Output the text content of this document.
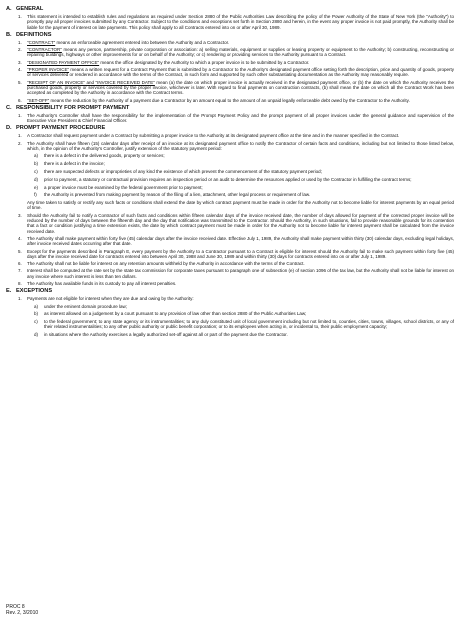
A. GENERAL
1.	This statement is intended to establish rules and regulations as required under Section 2880 of the Public Authorities Law describing the policy of the Power Authority of the State of New York (the "Authority") to promptly pay all proper invoices submitted by any Contractor. Subject to the conditions and exceptions set forth in Section 2880 and herein, in the event any proper invoice is not paid promptly, the Authority shall be liable for the payment of interest on late payments. This policy shall apply to all Contracts entered into on or after April 30, 1989.
B. DEFINITIONS
1.	"CONTRACT" means an enforceable agreement entered into between the Authority and a Contractor.
2.	"CONTRACTOR" means any person, partnership, private corporation or association: a) selling materials, equipment or supplies or leasing property or equipment to the Authority; b) constructing, reconstructing or repairing buildings, highways or other improvements for or on behalf of the Authority; or c) rendering or providing services to the Authority pursuant to a Contract.
3.	"DESIGNATED PAYMENT OFFICE" means the office designated by the Authority to which a proper invoice is to be submitted by a Contractor.
4.	"PROPER INVOICE" means a written request for a Contract Payment that is submitted by a Contractor to the Authority's designated payment office setting forth the description, price and quantity of goods, property or services delivered or rendered in accordance with the terms of the Contract, in such form and supported by such other substantiating documentation as the Authority may reasonably require.
5.	"RECEIPT OF AN INVOICE" and "INVOICE RECEIVED DATE" mean (a) the date on which proper invoice is actually received in the designated payment office, or (b) the date on which the Authority receives the purchased goods, property or services covered by the proper invoice, whichever is later. With regard to final payments on construction contracts, (b) shall mean the date on which all the Contract Work has been accepted as completed by the Authority in accordance with the Contract terms.
6.	"SET-OFF" means the reduction by the Authority of a payment due a Contractor by an amount equal to the amount of an unpaid legally enforceable debt owed by the Contractor to the Authority.
C. RESPONSIBILITY FOR PROMPT PAYMENT
1.	The Authority's Controller shall have the responsibility for the implementation of the Prompt Payment Policy and the prompt payment of all proper invoices under the general guidance and supervision of the Executive Vice President & Chief Financial Officer.
D. PROMPT PAYMENT PROCEDURE
1.	A Contractor shall request payment under a Contract by submitting a proper invoice to the Authority at its designated payment office at the time and in the manner specified in the Contract.
2.	The Authority shall have fifteen (15) calendar days after receipt of an invoice at its designated payment office to notify the Contractor of certain facts and conditions, including but not limited to those listed below, which, in the opinion of the Authority's Controller, justify extension of the statutory payment period:
a)	there is a defect in the delivered goods, property or services;
b)	there is a defect in the invoice;
c)	there are suspected defects or improprieties of any kind the existence of which prevent the commencement of the statutory payment period;
d)	prior to payment, a statutory or contractual provision requires an inspection period or an audit to determine the resources applied or used by the Contractor in fulfilling the contract terms;
e)	a proper invoice must be examined by the federal government prior to payment;
f)	the Authority is prevented from making payment by reason of the filing of a lien, attachment, other legal process or requirement of law.
Any time taken to satisfy or rectify any such facts or conditions shall extend the date by which contract payment must be made in order for the Authority not to become liable for interest payments by an equal period of time.
3.	Should the Authority fail to notify a Contractor of such facts and conditions within fifteen calendar days of the invoice received date, the number of days allowed for payment of the corrected proper invoice will be reduced by the number of days between the fifteenth day and the day that notification was transmitted to the Contractor. Should the Authority, in such situations, fail to provide reasonable grounds for its contention that a fact or condition justifying a time extension exists, the date by which contract payment must be made in order for the Authority not to become liable for interest payment shall be calculated from the invoice received date.
4.	The Authority shall make payment within forty five (45) calendar days after the invoice received date. Effective July 1, 1989, the Authority shall make payment within thirty (30) calendar days, excluding legal holidays, after invoice received dates occurring after that date.
5.	Except for the payments described in Paragraph E, every payment by the Authority to a Contractor pursuant to a Contract is eligible for interest should the Authority fail to make such payment within forty five (45) days after the invoice received date for contracts entered into between April 30, 1988 and June 30, 1989 and within thirty (30) days for contracts entered into on or after July 1, 1989.
6.	The Authority shall not be liable for interest on any retention amounts withheld by the Authority in accordance with the terms of the Contract.
7.	Interest shall be computed at the rate set by the state tax commission for corporate taxes pursuant to paragraph one of subsection (e) of section 1096 of the tax law, but the Authority shall not be liable for interest on any invoice where such interest is less than ten dollars.
8.	The Authority has available funds in its custody to pay all interest penalties.
E. EXCEPTIONS
1.	Payments are not eligible for interest when they are due and owing by the Authority:
a)	under the eminent domain procedure law;
b)	as interest allowed on a judgement by a court pursuant to any provision of law other than section 2880 of the Public Authorities Law;
c)	to the federal government; to any state agency or its instrumentalities; to any duly constituted unit of local government including but not limited to, counties, cities, towns, villages, school districts, or any of their related instrumentalities; to any other public authority or public benefit corporation; or to its employees when acting in, or incidental to, their public employment capacity;
d)	in situations where the Authority exercises a legally authorized set-off against all or part of the payment due the Contractor.
PROC 8
Rev. 2, 3/2010
